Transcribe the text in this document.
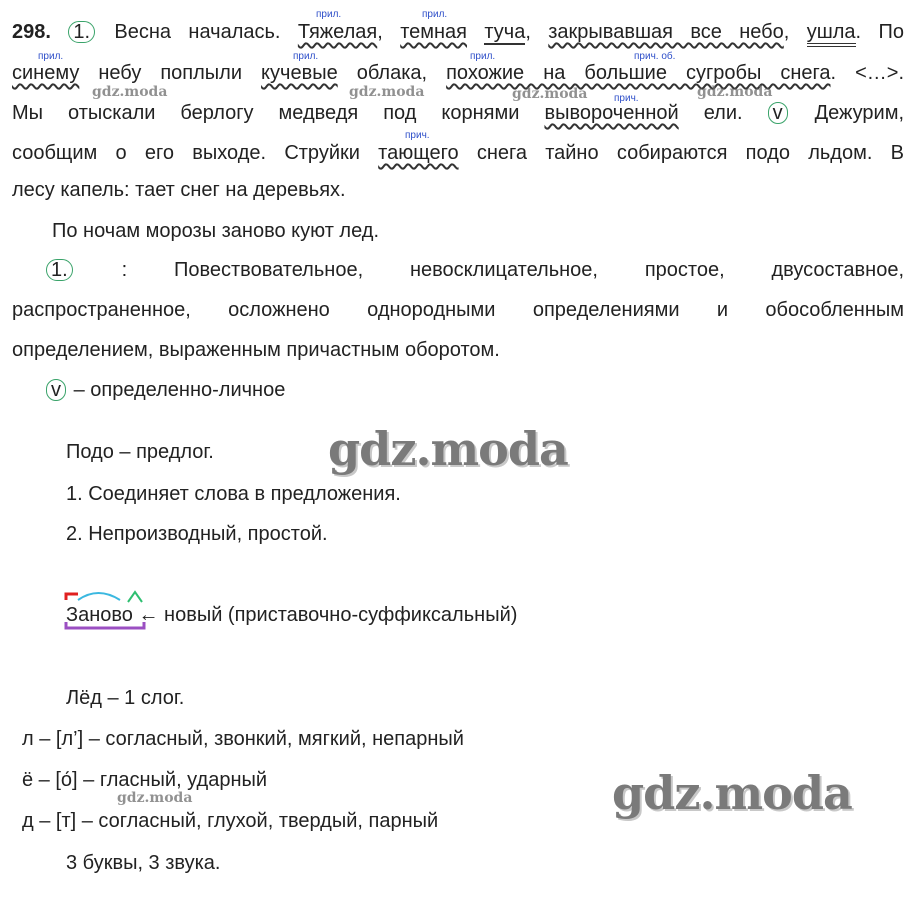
прил.	прил.
прил.	прил.	прил.	прич. об.
прич.
прич.
298. 1. Весна началась. Тяжелая, темная туча, закрывавшая все небо, ушла. По
синему небу поплыли кучевые облака, похожие на большие сугробы снега. <…>.
Мы отыскали берлогу медведя под корнями вывороченной ели. v Дежурим,
сообщим о его выходе. Струйки тающего снега тайно собираются подо льдом. В
лесу капель: тает снег на деревьях.
По ночам морозы заново куют лед.
1.	: Повествовательное, невосклицательное, простое, двусоставное,
распространенное, осложнено однородными определениями и обособленным
определением, выраженным причастным оборотом.
v – определенно-личное
Подо – предлог.
1. Соединяет слова в предложения.
2. Непроизводный, простой.
Заново ← новый (приставочно-суффиксальный)
Лёд – 1 слог.
л – [л’] – согласный, звонкий, мягкий, непарный
ё – [о́] – гласный, ударный
д – [т] – согласный, глухой, твердый, парный
3 буквы, 3 звука.
gdz.moda	gdz.moda	gdz.moda	gdz.moda
gdz.moda
gdz.moda
gdz.moda
